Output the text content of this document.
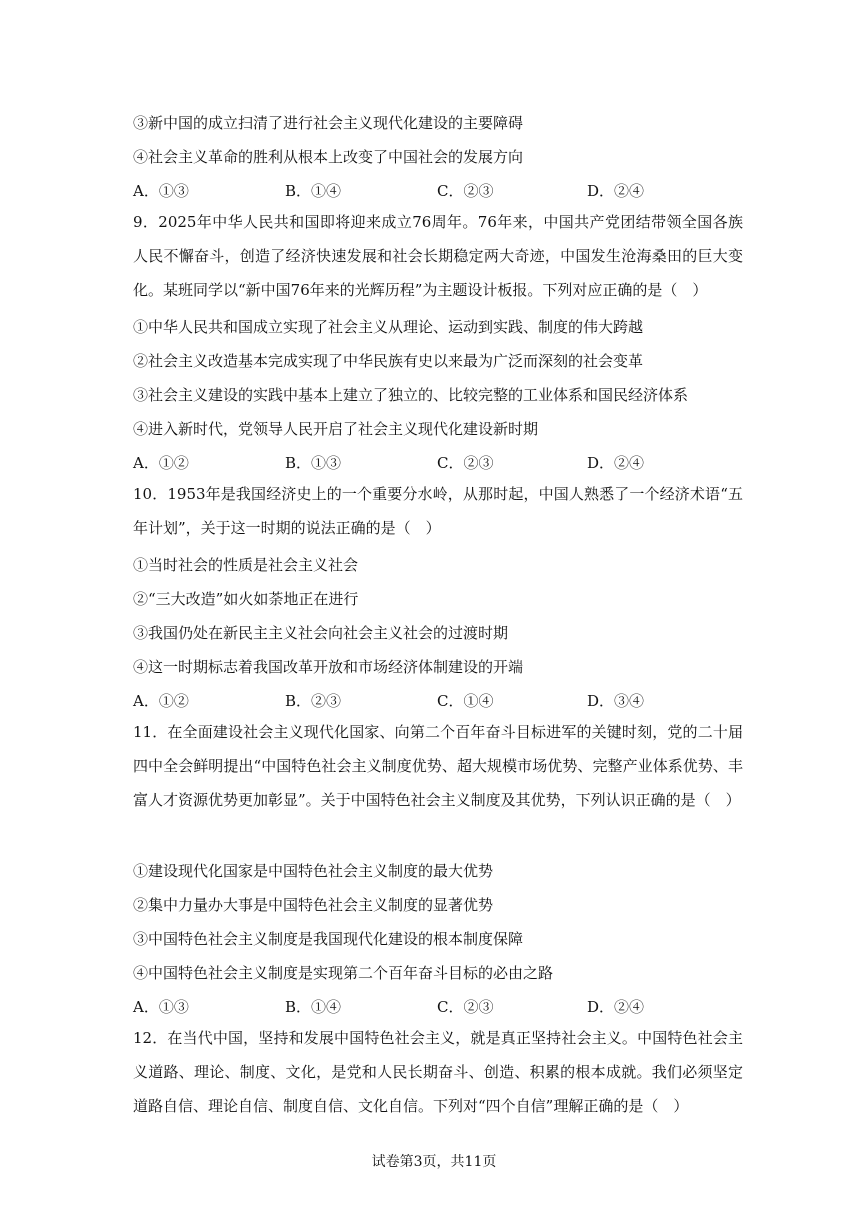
③新中国的成立扫清了进行社会主义现代化建设的主要障碍
④社会主义革命的胜利从根本上改变了中国社会的发展方向
A．①③	B．①④	C．②③	D．②④
9．2025年中华人民共和国即将迎来成立76周年。76年来，中国共产党团结带领全国各族人民不懈奋斗，创造了经济快速发展和社会长期稳定两大奇迹，中国发生沧海桑田的巨大变化。某班同学以“新中国76年来的光辉历程”为主题设计板报。下列对应正确的是（　）
①中华人民共和国成立实现了社会主义从理论、运动到实践、制度的伟大跨越
②社会主义改造基本完成实现了中华民族有史以来最为广泛而深刻的社会变革
③社会主义建设的实践中基本上建立了独立的、比较完整的工业体系和国民经济体系
④进入新时代，党领导人民开启了社会主义现代化建设新时期
A．①②	B．①③	C．②③	D．②④
10．1953年是我国经济史上的一个重要分水岭，从那时起，中国人熟悉了一个经济术语“五年计划”，关于这一时期的说法正确的是（　）
①当时社会的性质是社会主义社会
②“三大改造”如火如荼地正在进行
③我国仍处在新民主主义社会向社会主义社会的过渡时期
④这一时期标志着我国改革开放和市场经济体制建设的开端
A．①②	B．②③	C．①④	D．③④
11．在全面建设社会主义现代化国家、向第二个百年奋斗目标进军的关键时刻，党的二十届四中全会鲜明提出“中国特色社会主义制度优势、超大规模市场优势、完整产业体系优势、丰富人才资源优势更加彰显”。关于中国特色社会主义制度及其优势，下列认识正确的是（　）
①建设现代化国家是中国特色社会主义制度的最大优势
②集中力量办大事是中国特色社会主义制度的显著优势
③中国特色社会主义制度是我国现代化建设的根本制度保障
④中国特色社会主义制度是实现第二个百年奋斗目标的必由之路
A．①③	B．①④	C．②③	D．②④
12．在当代中国，坚持和发展中国特色社会主义，就是真正坚持社会主义。中国特色社会主义道路、理论、制度、文化，是党和人民长期奋斗、创造、积累的根本成就。我们必须坚定道路自信、理论自信、制度自信、文化自信。下列对“四个自信”理解正确的是（　）
试卷第3页，共11页
